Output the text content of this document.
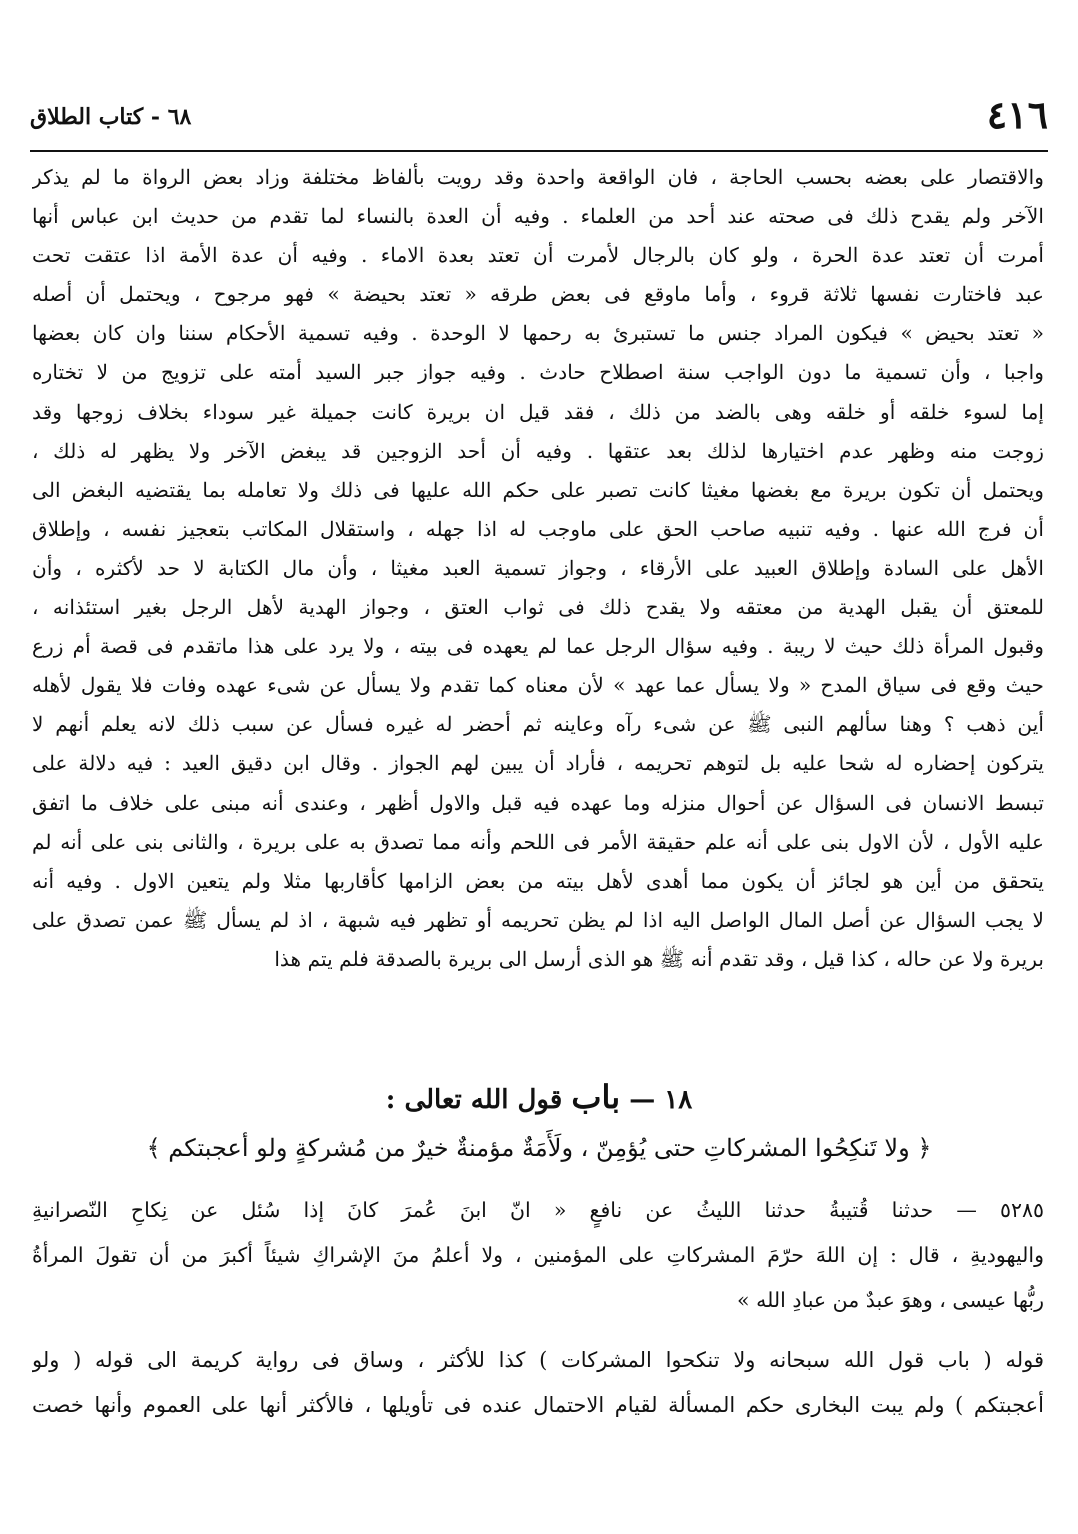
٤١٦
٦٨ - كتاب الطلاق
والاقتصار على بعضه بحسب الحاجة ، فان الواقعة واحدة وقد رويت بألفاظ مختلفة وزاد بعض الرواة ما لم يذكر
الآخر ولم يقدح ذلك فى صحته عند أحد من العلماء . وفيه أن العدة بالنساء لما تقدم من حديث ابن عباس أنها
أمرت أن تعتد عدة الحرة ، ولو كان بالرجال لأمرت أن تعتد بعدة الاماء . وفيه أن عدة الأمة اذا عتقت تحت
عبد فاختارت نفسها ثلاثة قروء ، وأما ماوقع فى بعض طرقه « تعتد بحيضة » فهو مرجوح ، ويحتمل أن أصله
« تعتد بحيض » فيكون المراد جنس ما تستبرئ به رحمها لا الوحدة . وفيه تسمية الأحكام سننا وان كان بعضها
واجبا ، وأن تسمية ما دون الواجب سنة اصطلاح حادث . وفيه جواز جبر السيد أمته على تزويج من لا تختاره
إما لسوء خلقه أو خلقه وهى بالضد من ذلك ، فقد قيل ان بريرة كانت جميلة غير سوداء بخلاف زوجها وقد
زوجت منه وظهر عدم اختيارها لذلك بعد عتقها . وفيه أن أحد الزوجين قد يبغض الآخر ولا يظهر له ذلك ،
ويحتمل أن تكون بريرة مع بغضها مغيثا كانت تصبر على حكم الله عليها فى ذلك ولا تعامله بما يقتضيه البغض الى
أن فرج الله عنها . وفيه تنبيه صاحب الحق على ماوجب له اذا جهله ، واستقلال المكاتب بتعجيز نفسه ، وإطلاق
الأهل على السادة وإطلاق العبيد على الأرقاء ، وجواز تسمية العبد مغيثا ، وأن مال الكتابة لا حد لأكثره ، وأن
للمعتق أن يقبل الهدية من معتقه ولا يقدح ذلك فى ثواب العتق ، وجواز الهدية لأهل الرجل بغير استئذانه ،
وقبول المرأة ذلك حيث لا ريبة . وفيه سؤال الرجل عما لم يعهده فى بيته ، ولا يرد على هذا ماتقدم فى قصة أم زرع
حيث وقع فى سياق المدح « ولا يسأل عما عهد » لأن معناه كما تقدم ولا يسأل عن شىء عهده وفات فلا يقول لأهله
أين ذهب ؟ وهنا سألهم النبى ﷺ عن شىء رآه وعاينه ثم أحضر له غيره فسأل عن سبب ذلك لانه يعلم أنهم لا
يتركون إحضاره له شحا عليه بل لتوهم تحريمه ، فأراد أن يبين لهم الجواز . وقال ابن دقيق العيد : فيه دلالة على
تبسط الانسان فى السؤال عن أحوال منزله وما عهده فيه قبل والاول أظهر ، وعندى أنه مبنى على خلاف ما اتفق
عليه الأول ، لأن الاول بنى على أنه علم حقيقة الأمر فى اللحم وأنه مما تصدق به على بريرة ، والثانى بنى على أنه لم
يتحقق من أين هو لجائز أن يكون مما أهدى لأهل بيته من بعض الزامها كأقاربها مثلا ولم يتعين الاول . وفيه أنه
لا يجب السؤال عن أصل المال الواصل اليه اذا لم يظن تحريمه أو تظهر فيه شبهة ، اذ لم يسأل ﷺ عمن تصدق على
بريرة ولا عن حاله ، كذا قيل ، وقد تقدم أنه ﷺ هو الذى أرسل الى بريرة بالصدقة فلم يتم هذا
١٨ — باب قول الله تعالى :
﴿ ولا تَنكِحُوا المشركاتِ حتى يُؤمِنّ ، ولَأَمَةٌ مؤمنةٌ خيرٌ من مُشركةٍ ولو أعجبتكم ﴾
٥٢٨٥ — حدثنا قُتيبةُ حدثنا الليثُ عن نافعٍ « انّ ابنَ عُمرَ كانَ إذا سُئل عن نِكاحِ النّصرانيةِ
واليهوديةِ ، قال : إن اللهَ حرّمَ المشركاتِ على المؤمنين ، ولا أعلمُ منَ الإشراكِ شيئاً أكبرَ من أن تقولَ المرأةُ
ربُّها عيسى ، وهوَ عبدٌ من عبادِ الله »
قوله ( باب قول الله سبحانه ولا تنكحوا المشركات ) كذا للأكثر ، وساق فى رواية كريمة الى قوله ( ولو
أعجبتكم ) ولم يبت البخارى حكم المسألة لقيام الاحتمال عنده فى تأويلها ، فالأكثر أنها على العموم وأنها خصت
